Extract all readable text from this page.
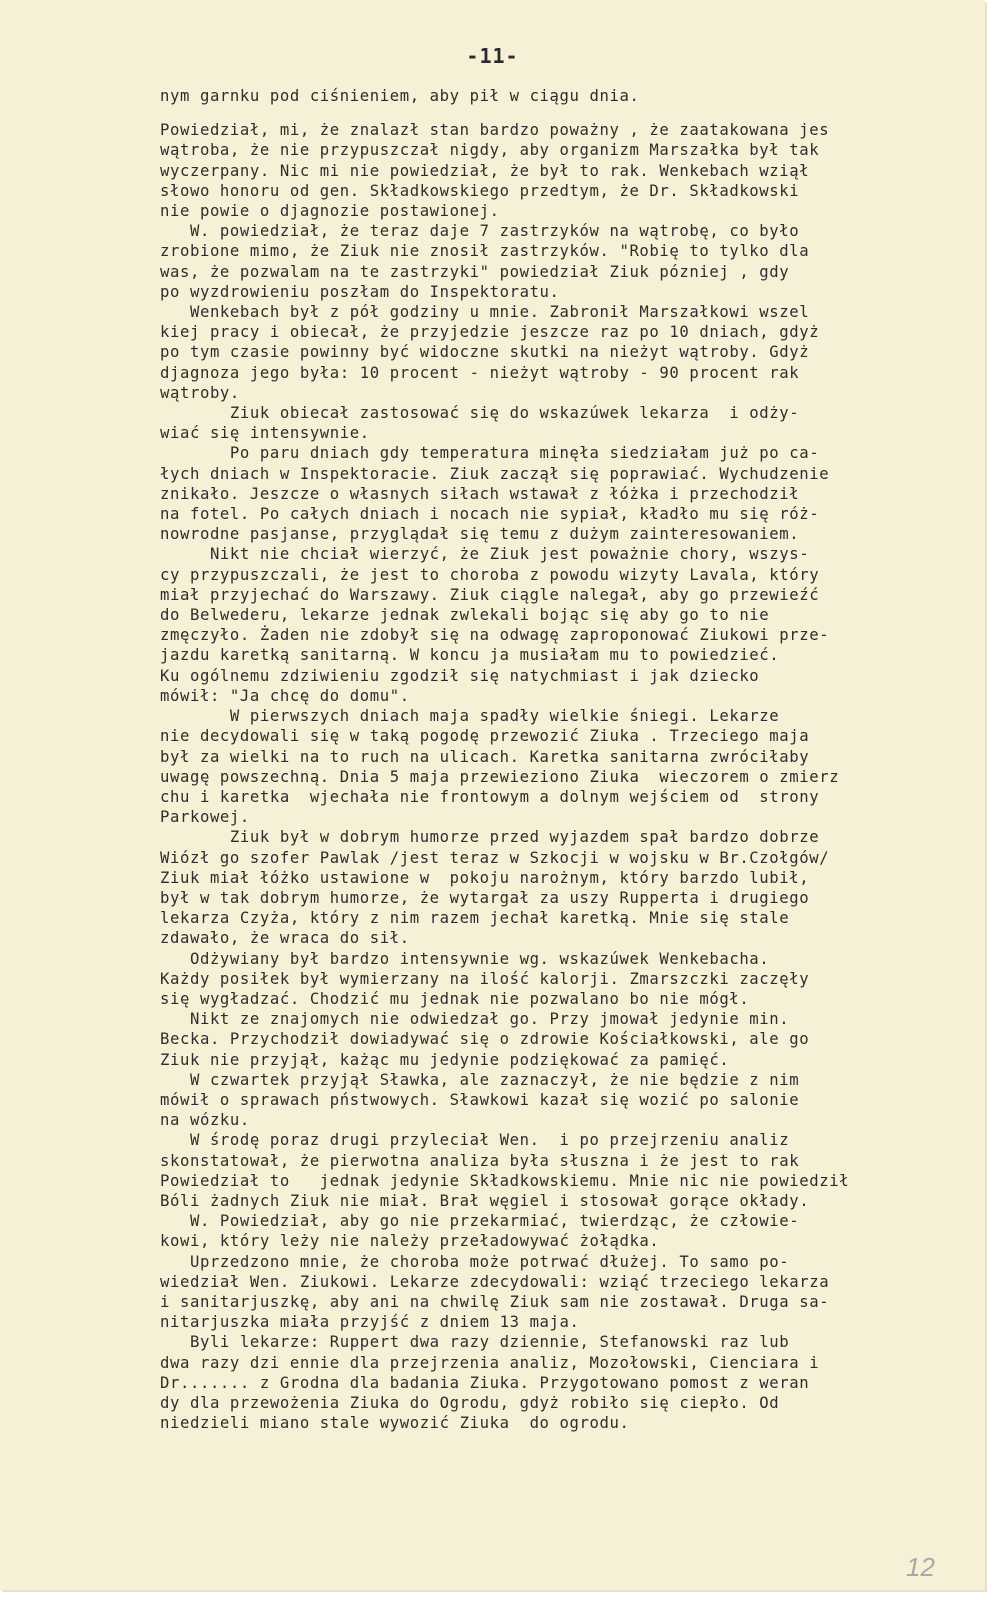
-11-
nym garnku pod ciśnieniem, aby pił w ciągu dnia.
Powiedział, mi, że znalazł stan bardzo poważny , że zaatakowana jes
wątroba, że nie przypuszczał nigdy, aby organizm Marszałka był tak
wyczerpany. Nic mi nie powiedział, że był to rak. Wenkebach wziął
słowo honoru od gen. Składkowskiego przedtym, że Dr. Składkowski
nie powie o djagnozie postawionej.
W. powiedział, że teraz daje 7 zastrzyków na wątrobę, co było
zrobione mimo, że Ziuk nie znosił zastrzyków. "Robię to tylko dla
was, że pozwalam na te zastrzyki" powiedział Ziuk pózniej , gdy
po wyzdrowieniu poszłam do Inspektoratu.
Wenkebach był z pół godziny u mnie. Zabronił Marszałkowi wszel
kiej pracy i obiecał, że przyjedzie jeszcze raz po 10 dniach, gdyż
po tym czasie powinny być widoczne skutki na nieżyt wątroby. Gdyż
djagnoza jego była: 10 procent - nieżyt wątroby - 90 procent rak
wątroby.
Ziuk obiecał zastosować się do wskazúwek lekarza  i odży-
wiać się intensywnie.
Po paru dniach gdy temperatura minęła siedziałam już po ca-
łych dniach w Inspektoracie. Ziuk zaczął się poprawiać. Wychudzenie
znikało. Jeszcze o własnych siłach wstawał z łóżka i przechodził
na fotel. Po całych dniach i nocach nie sypiał, kładło mu się róż-
nowrodne pasjanse, przyglądał się temu z dużym zainteresowaniem.
Nikt nie chciał wierzyć, że Ziuk jest poważnie chory, wszys-
cy przypuszczali, że jest to choroba z powodu wizyty Lavala, który
miał przyjechać do Warszawy. Ziuk ciągle nalegał, aby go przewieźć
do Belwederu, lekarze jednak zwlekali bojąc się aby go to nie
zmęczyło. Żaden nie zdobył się na odwagę zaproponować Ziukowi prze-
jazdu karetką sanitarną. W koncu ja musiałam mu to powiedzieć.
Ku ogólnemu zdziwieniu zgodził się natychmiast i jak dziecko
mówił: "Ja chcę do domu".
W pierwszych dniach maja spadły wielkie śniegi. Lekarze
nie decydowali się w taką pogodę przewozić Ziuka . Trzeciego maja
był za wielki na to ruch na ulicach. Karetka sanitarna zwróciłaby
uwagę powszechną. Dnia 5 maja przewieziono Ziuka  wieczorem o zmierz
chu i karetka  wjechała nie frontowym a dolnym wejściem od  strony
Parkowej.
Ziuk był w dobrym humorze przed wyjazdem spał bardzo dobrze
Wiózł go szofer Pawlak /jest teraz w Szkocji w wojsku w Br.Czołgów/
Ziuk miał łóżko ustawione w  pokoju narożnym, który barzdo lubił,
był w tak dobrym humorze, że wytargał za uszy Rupperta i drugiego
lekarza Czyża, który z nim razem jechał karetką. Mnie się stale
zdawało, że wraca do sił.
Odżywiany był bardzo intensywnie wg. wskazúwek Wenkebacha.
Każdy posiłek był wymierzany na ilość kalorji. Zmarszczki zaczęły
się wygładzać. Chodzić mu jednak nie pozwalano bo nie mógł.
Nikt ze znajomych nie odwiedzał go. Przy jmował jedynie min.
Becka. Przychodził dowiadywać się o zdrowie Kościałkowski, ale go
Ziuk nie przyjął, każąc mu jedynie podziękować za pamięć.
W czwartek przyjął Sławka, ale zaznaczył, że nie będzie z nim
mówił o sprawach pństwowych. Sławkowi kazał się wozić po salonie
na wózku.
W środę poraz drugi przyleciał Wen.  i po przejrzeniu analiz
skonstatował, że pierwotna analiza była słuszna i że jest to rak
Powiedział to   jednak jedynie Składkowskiemu. Mnie nic nie powiedził
Bóli żadnych Ziuk nie miał. Brał węgiel i stosował gorące okłady.
W. Powiedział, aby go nie przekarmiać, twierdząc, że człowie-
kowi, który leży nie należy przeładowywać żołądka.
Uprzedzono mnie, że choroba może potrwać dłużej. To samo po-
wiedział Wen. Ziukowi. Lekarze zdecydowali: wziąć trzeciego lekarza
i sanitarjuszkę, aby ani na chwilę Ziuk sam nie zostawał. Druga sa-
nitarjuszka miała przyjść z dniem 13 maja.
Byli lekarze: Ruppert dwa razy dziennie, Stefanowski raz lub
dwa razy dzi ennie dla przejrzenia analiz, Mozołowski, Cienciara i
Dr....... z Grodna dla badania Ziuka. Przygotowano pomost z weran
dy dla przewożenia Ziuka do Ogrodu, gdyż robiło się ciepło. Od
niedzieli miano stale wywozić Ziuka  do ogrodu.
12
